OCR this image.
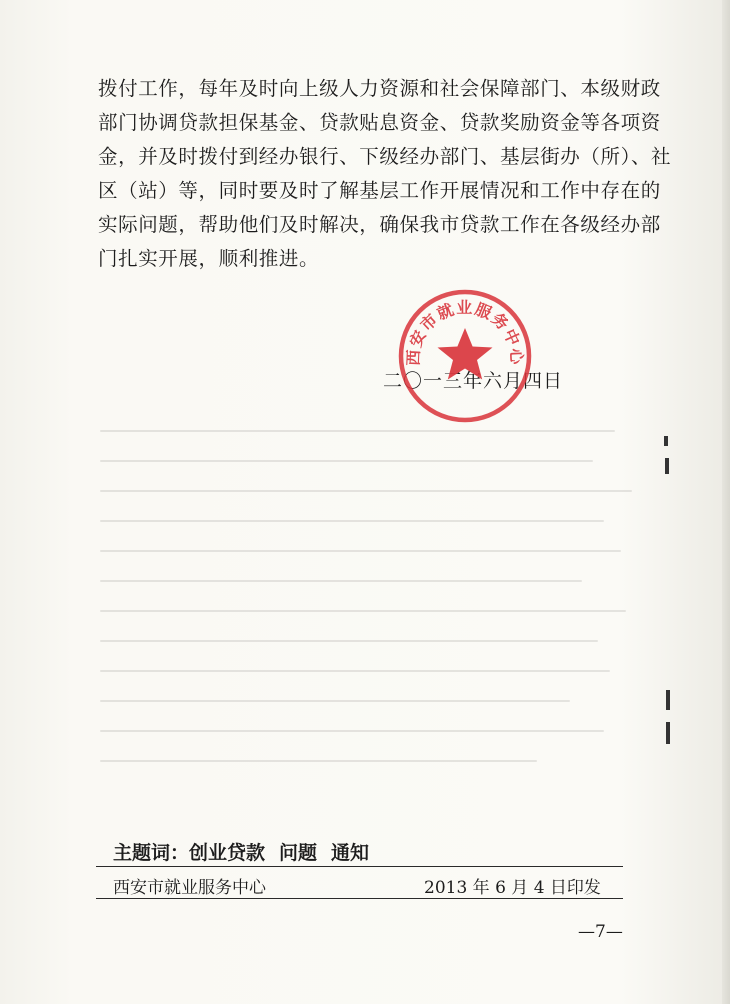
拨付工作，每年及时向上级人力资源和社会保障部门、本级财政
部门协调贷款担保基金、贷款贴息资金、贷款奖励资金等各项资
金，并及时拨付到经办银行、下级经办部门、基层街办（所）、社
区（站）等，同时要及时了解基层工作开展情况和工作中存在的
实际问题，帮助他们及时解决，确保我市贷款工作在各级经办部
门扎实开展，顺利推进。
二〇一三年六月四日
西安市就业服务中心
主题词：创业贷款 问题 通知
西安市就业服务中心	2013 年 6 月 4 日印发
—7—
